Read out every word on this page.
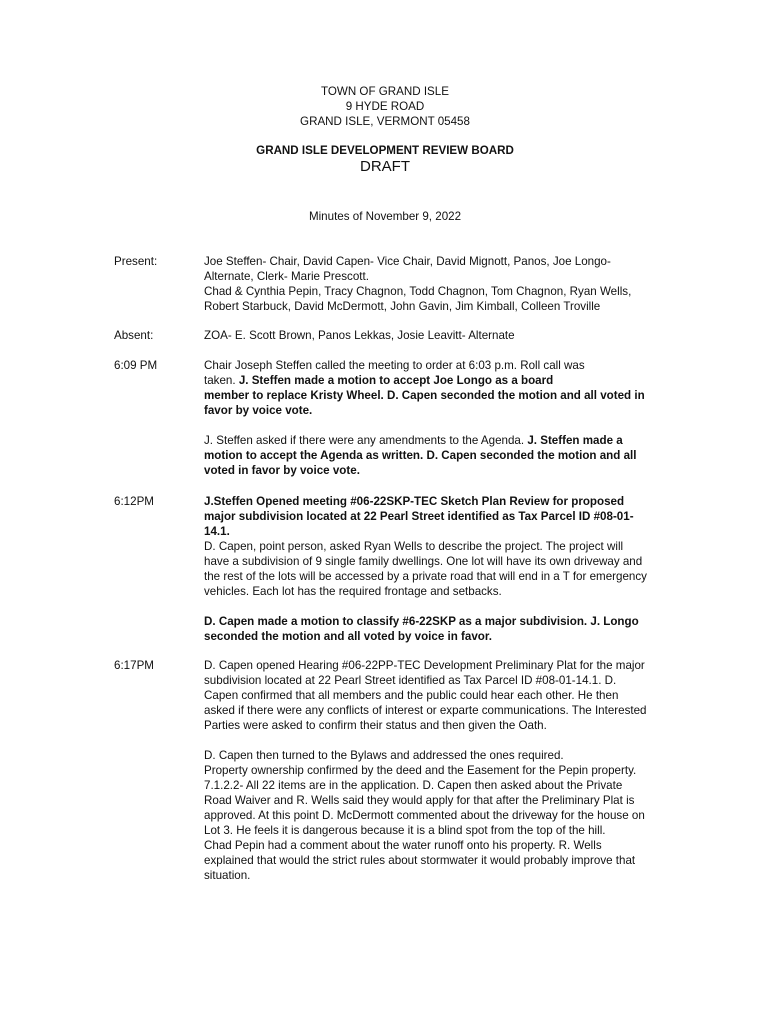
TOWN OF GRAND ISLE
9 HYDE ROAD
GRAND ISLE, VERMONT 05458
GRAND ISLE DEVELOPMENT REVIEW BOARD
DRAFT
Minutes of November 9, 2022
Present:	Joe Steffen- Chair, David Capen- Vice Chair, David Mignott, Panos, Joe Longo-
Alternate, Clerk- Marie Prescott.
Chad & Cynthia Pepin, Tracy Chagnon, Todd Chagnon, Tom Chagnon, Ryan Wells,
Robert Starbuck, David McDermott, John Gavin, Jim Kimball, Colleen Troville
Absent:	ZOA- E. Scott Brown, Panos Lekkas, Josie Leavitt- Alternate
6:09 PM	Chair Joseph Steffen called the meeting to order at 6:03 p.m. Roll call was
taken. J. Steffen made a motion to accept Joe Longo as a board
member to replace Kristy Wheel. D. Capen seconded the motion and all voted in
favor by voice vote.
J. Steffen asked if there were any amendments to the Agenda. J. Steffen made a
motion to accept the Agenda as written. D. Capen seconded the motion and all
voted in favor by voice vote.
6:12PM	J.Steffen Opened meeting #06-22SKP-TEC Sketch Plan Review for proposed
major subdivision located at 22 Pearl Street identified as Tax Parcel ID #08-01-
14.1.
D. Capen, point person, asked Ryan Wells to describe the project. The project will
have a subdivision of 9 single family dwellings. One lot will have its own driveway and
the rest of the lots will be accessed by a private road that will end in a T for emergency
vehicles. Each lot has the required frontage and setbacks.
D. Capen made a motion to classify #6-22SKP as a major subdivision. J. Longo
seconded the motion and all voted by voice in favor.
6:17PM	D. Capen opened Hearing #06-22PP-TEC Development Preliminary Plat for the major
subdivision located at 22 Pearl Street identified as Tax Parcel ID #08-01-14.1. D.
Capen confirmed that all members and the public could hear each other. He then
asked if there were any conflicts of interest or exparte communications. The Interested
Parties were asked to confirm their status and then given the Oath.
D. Capen then turned to the Bylaws and addressed the ones required.
Property ownership confirmed by the deed and the Easement for the Pepin property.
7.1.2.2- All 22 items are in the application. D. Capen then asked about the Private
Road Waiver and R. Wells said they would apply for that after the Preliminary Plat is
approved. At this point D. McDermott commented about the driveway for the house on
Lot 3. He feels it is dangerous because it is a blind spot from the top of the hill.
Chad Pepin had a comment about the water runoff onto his property. R. Wells
explained that would the strict rules about stormwater it would probably improve that
situation.
